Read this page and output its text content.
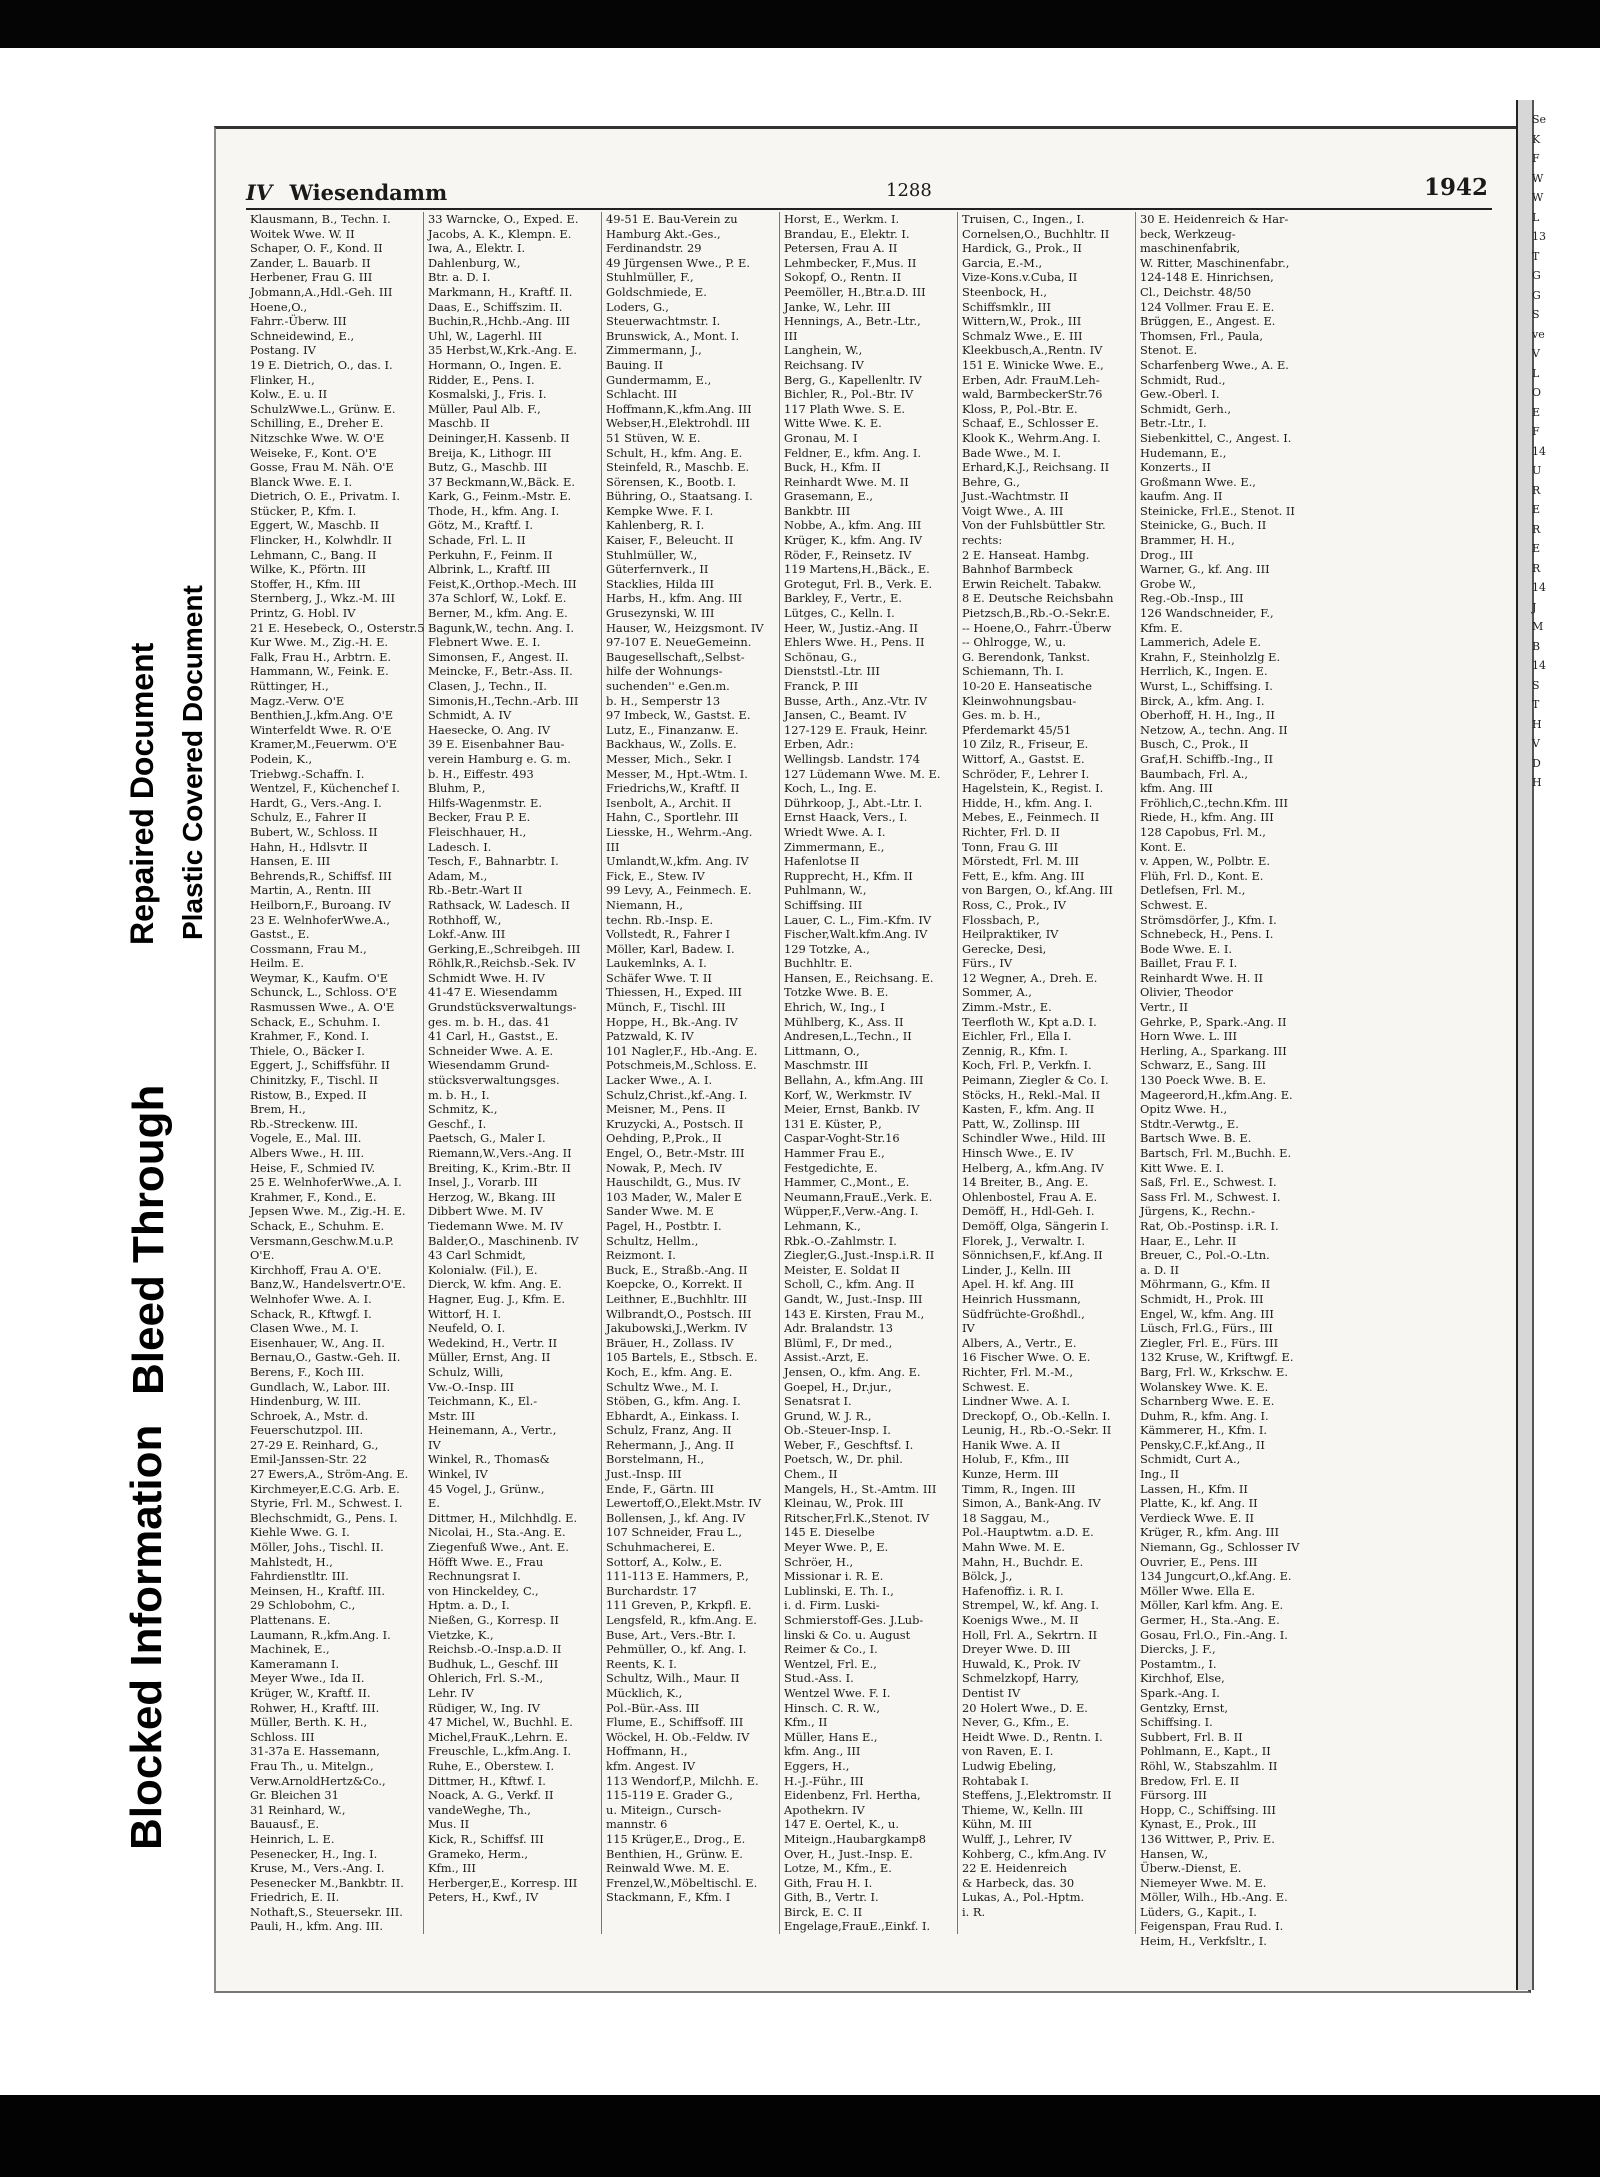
Blocked Information
Bleed Through
Repaired Document Plastic Covered Document
IV Wiesendamm	1288	1942
Klausmann, B., Techn. I.
Woitek Wwe. W. II
Schaper, O. F., Kond. II
Zander, L. Bauarb. II
Herbener, Frau G. III
Jobmann,A.,Hdl.-Geh. III
Hoene,O.,
Fahrr.-Überw. III
Schneidewind, E.,
Postang. IV
19 E. Dietrich, O., das. I.
Flinker, H.,
Kolw., E. u. II
SchulzWwe.L., Grünw. E.
Schilling, E., Dreher E.
Nitzschke Wwe. W. O'E
Weiseke, F., Kont. O'E
Gosse, Frau M. Näh. O'E
Blanck Wwe. E. I.
Dietrich, O. E., Privatm. I.
Stücker, P., Kfm. I.
Eggert, W., Maschb. II
Flincker, H., Kolwhdlr. II
Lehmann, C., Bang. II
Wilke, K., Pförtn. III
Stoffer, H., Kfm. III
Sternberg, J., Wkz.-M. III
Printz, G. Hobl. IV
21 E. Hesebeck, O., Osterstr.5
Kur Wwe. M., Zig.-H. E.
Falk, Frau H., Arbtrn. E.
Hammann, W., Feink. E.
Rüttinger, H.,
Magz.-Verw. O'E
Benthien,J.,kfm.Ang. O'E
Winterfeldt Wwe. R. O'E
Kramer,M.,Feuerwm. O'E
Podein, K.,
Triebwg.-Schaffn. I.
Wentzel, F., Küchenchef I.
Hardt, G., Vers.-Ang. I.
Schulz, E., Fahrer II
Bubert, W., Schloss. II
Hahn, H., Hdlsvtr. II
Hansen, E. III
Behrends,R., Schiffsf. III
Martin, A., Rentn. III
Heilborn,F., Buroang. IV
23 E. WelnhoferWwe.A.,
Gastst., E.
Cossmann, Frau M.,
Heilm. E.
Weymar, K., Kaufm. O'E
Schunck, L., Schloss. O'E
Rasmussen Wwe., A. O'E
Schack, E., Schuhm. I.
Krahmer, F., Kond. I.
Thiele, O., Bäcker I.
Eggert, J., Schiffsführ. II
Chinitzky, F., Tischl. II
Ristow, B., Exped. II
Brem, H.,
Rb.-Streckenw. III.
Vogele, E., Mal. III.
Albers Wwe., H. III.
Heise, F., Schmied IV.
25 E. WelnhoferWwe.,A. I.
Krahmer, F., Kond., E.
Jepsen Wwe. M., Zig.-H. E.
Schack, E., Schuhm. E.
Versmann,Geschw.M.u.P.
O'E.
Kirchhoff, Frau A. O'E.
Banz,W., Handelsvertr.O'E.
Welnhofer Wwe. A. I.
Schack, R., Kftwgf. I.
Clasen Wwe., M. I.
Eisenhauer, W., Ang. II.
Bernau,O., Gastw.-Geh. II.
Berens, F., Koch III.
Gundlach, W., Labor. III.
Hindenburg, W. III.
Schroek, A., Mstr. d.
Feuerschutzpol. III.
27-29 E. Reinhard, G.,
Emil-Janssen-Str. 22
27 Ewers,A., Ström-Ang. E.
Kirchmeyer,E.C.G. Arb. E.
Styrie, Frl. M., Schwest. I.
Blechschmidt, G., Pens. I.
Kiehle Wwe. G. I.
Möller, Johs., Tischl. II.
Mahlstedt, H.,
Fahrdienstltr. III.
Meinsen, H., Kraftf. III.
29 Schlobohm, C.,
Plattenans. E.
Laumann, R.,kfm.Ang. I.
Machinek, E.,
Kameramann I.
Meyer Wwe., Ida II.
Krüger, W., Kraftf. II.
Rohwer, H., Kraftf. III.
Müller, Berth. K. H.,
Schloss. III
31-37a E. Hassemann,
Frau Th., u. Mitelgn.,
Verw.ArnoldHertz&Co.,
Gr. Bleichen 31
31 Reinhard, W.,
Bauausf., E.
Heinrich, L. E.
Pesenecker, H., Ing. I.
Kruse, M., Vers.-Ang. I.
Pesenecker M.,Bankbtr. II.
Friedrich, E. II.
Nothaft,S., Steuersekr. III.
Pauli, H., kfm. Ang. III.
33 Warncke, O., Exped. E.
Jacobs, A. K., Klempn. E.
Iwa, A., Elektr. I.
Dahlenburg, W.,
Btr. a. D. I.
Markmann, H., Kraftf. II.
Daas, E., Schiffszim. II.
Buchin,R.,Hchb.-Ang. III
Uhl, W., Lagerhl. III
35 Herbst,W.,Krk.-Ang. E.
Hormann, O., Ingen. E.
Ridder, E., Pens. I.
Kosmalski, J., Fris. I.
Müller, Paul Alb. F.,
Maschb. II
Deininger,H. Kassenb. II
Breija, K., Lithogr. III
Butz, G., Maschb. III
37 Beckmann,W.,Bäck. E.
Kark, G., Feinm.-Mstr. E.
Thode, H., kfm. Ang. I.
Götz, M., Kraftf. I.
Schade, Frl. L. II
Perkuhn, F., Feinm. II
Albrink, L., Kraftf. III
Feist,K.,Orthop.-Mech. III
37a Schlorf, W., Lokf. E.
Berner, M., kfm. Ang. E.
Bagunk,W., techn. Ang. I.
Flebnert Wwe. E. I.
Simonsen, F., Angest. II.
Meincke, F., Betr.-Ass. II.
Clasen, J., Techn., II.
Simonis,H.,Techn.-Arb. III
Schmidt, A. IV
Haesecke, O. Ang. IV
39 E. Eisenbahner Bau-
verein Hamburg e. G. m.
b. H., Eiffestr. 493
Bluhm, P.,
Hilfs-Wagenmstr. E.
Becker, Frau P. E.
Fleischhauer, H.,
Ladesch. I.
Tesch, F., Bahnarbtr. I.
Adam, M.,
Rb.-Betr.-Wart II
Rathsack, W. Ladesch. II
Rothhoff, W.,
Lokf.-Anw. III
Gerking,E.,Schreibgeh. III
Röhlk,R.,Reichsb.-Sek. IV
Schmidt Wwe. H. IV
41-47 E. Wiesendamm
Grundstücksverwaltungs-
ges. m. b. H., das. 41
41 Carl, H., Gastst., E.
Schneider Wwe. A. E.
Wiesendamm Grund-
stücksverwaltungsges.
m. b. H., I.
Schmitz, K.,
Geschf., I.
Paetsch, G., Maler I.
Riemann,W.,Vers.-Ang. II
Breiting, K., Krim.-Btr. II
Insel, J., Vorarb. III
Herzog, W., Bkang. III
Dibbert Wwe. M. IV
Tiedemann Wwe. M. IV
Balder,O., Maschinenb. IV
43 Carl Schmidt,
Kolonialw. (Fil.), E.
Dierck, W. kfm. Ang. E.
Hagner, Eug. J., Kfm. E.
Wittorf, H. I.
Neufeld, O. I.
Wedekind, H., Vertr. II
Müller, Ernst, Ang. II
Schulz, Willi,
Vw.-O.-Insp. III
Teichmann, K., El.-
Mstr. III
Heinemann, A., Vertr.,
IV
Winkel, R., Thomas&
Winkel, IV
45 Vogel, J., Grünw.,
E.
Dittmer, H., Milchhdlg. E.
Nicolai, H., Sta.-Ang. E.
Ziegenfuß Wwe., Ant. E.
Höfft Wwe. E., Frau
Rechnungsrat I.
von Hinckeldey, C.,
Hptm. a. D., I.
Nießen, G., Korresp. II
Vietzke, K.,
Reichsb.-O.-Insp.a.D. II
Budhuk, L., Geschf. III
Ohlerich, Frl. S.-M.,
Lehr. IV
Rüdiger, W., Ing. IV
47 Michel, W., Buchhl. E.
Michel,FrauK.,Lehrn. E.
Freuschle, L.,kfm.Ang. I.
Ruhe, E., Oberstew. I.
Dittmer, H., Kftwf. I.
Noack, A. G., Verkf. II
vandeWeghe, Th.,
Mus. II
Kick, R., Schiffsf. III
Grameko, Herm.,
Kfm., III
Herberger,E., Korresp. III
Peters, H., Kwf., IV
49-51 E. Bau-Verein zu
Hamburg Akt.-Ges.,
Ferdinandstr. 29
49 Jürgensen Wwe., P. E.
Stuhlmüller, F.,
Goldschmiede, E.
Loders, G.,
Steuerwachtmstr. I.
Brunswick, A., Mont. I.
Zimmermann, J.,
Bauing. II
Gundermamm, E.,
Schlacht. III
Hoffmann,K.,kfm.Ang. III
Webser,H.,Elektrohdl. III
51 Stüven, W. E.
Schult, H., kfm. Ang. E.
Steinfeld, R., Maschb. E.
Sörensen, K., Bootb. I.
Bühring, O., Staatsang. I.
Kempke Wwe. F. I.
Kahlenberg, R. I.
Kaiser, F., Beleucht. II
Stuhlmüller, W.,
Güterfernverk., II
Stacklies, Hilda III
Harbs, H., kfm. Ang. III
Grusezynski, W. III
Hauser, W., Heizgsmont. IV
97-107 E. NeueGemeinn.
Baugesellschaft,,Selbst-
hilfe der Wohnungs-
suchenden'' e.Gen.m.
b. H., Semperstr 13
97 Imbeck, W., Gastst. E.
Lutz, E., Finanzanw. E.
Backhaus, W., Zolls. E.
Messer, Mich., Sekr. I
Messer, M., Hpt.-Wtm. I.
Friedrichs,W., Kraftf. II
Isenbolt, A., Archit. II
Hahn, C., Sportlehr. III
Liesske, H., Wehrm.-Ang.
III
Umlandt,W.,kfm. Ang. IV
Fick, E., Stew. IV
99 Levy, A., Feinmech. E.
Niemann, H.,
techn. Rb.-Insp. E.
Vollstedt, R., Fahrer I
Möller, Karl, Badew. I.
Laukemlnks, A. I.
Schäfer Wwe. T. II
Thiessen, H., Exped. III
Münch, F., Tischl. III
Hoppe, H., Bk.-Ang. IV
Patzwald, K. IV
101 Nagler,F., Hb.-Ang. E.
Potschmeis,M.,Schloss. E.
Lacker Wwe., A. I.
Schulz,Christ.,kf.-Ang. I.
Meisner, M., Pens. II
Kruzycki, A., Postsch. II
Oehding, P.,Prok., II
Engel, O., Betr.-Mstr. III
Nowak, P., Mech. IV
Hauschildt, G., Mus. IV
103 Mader, W., Maler E
Sander Wwe. M. E
Pagel, H., Postbtr. I.
Schultz, Hellm.,
Reizmont. I.
Buck, E., Straßb.-Ang. II
Koepcke, O., Korrekt. II
Leithner, E.,Buchhltr. III
Wilbrandt,O., Postsch. III
Jakubowski,J.,Werkm. IV
Bräuer, H., Zollass. IV
105 Bartels, E., Stbsch. E.
Koch, E., kfm. Ang. E.
Schultz Wwe., M. I.
Stöben, G., kfm. Ang. I.
Ebhardt, A., Einkass. I.
Schulz, Franz, Ang. II
Rehermann, J., Ang. II
Borstelmann, H.,
Just.-Insp. III
Ende, F., Gärtn. III
Lewertoff,O.,Elekt.Mstr. IV
Bollensen, J., kf. Ang. IV
107 Schneider, Frau L.,
Schuhmacherei, E.
Sottorf, A., Kolw., E.
111-113 E. Hammers, P.,
Burchardstr. 17
111 Greven, P., Krkpfl. E.
Lengsfeld, R., kfm.Ang. E.
Buse, Art., Vers.-Btr. I.
Pehmüller, O., kf. Ang. I.
Reents, K. I.
Schultz, Wilh., Maur. II
Mücklich, K.,
Pol.-Bür.-Ass. III
Flume, E., Schiffsoff. III
Wöckel, H. Ob.-Feldw. IV
Hoffmann, H.,
kfm. Angest. IV
113 Wendorf,P., Milchh. E.
115-119 E. Grader G.,
u. Miteign., Cursch-
mannstr. 6
115 Krüger,E., Drog., E.
Benthien, H., Grünw. E.
Reinwald Wwe. M. E.
Frenzel,W.,Möbeltischl. E.
Stackmann, F., Kfm. I
Horst, E., Werkm. I.
Brandau, E., Elektr. I.
Petersen, Frau A. II
Lehmbecker, F.,Mus. II
Sokopf, O., Rentn. II
Peemöller, H.,Btr.a.D. III
Janke, W., Lehr. III
Hennings, A., Betr.-Ltr.,
III
Langhein, W.,
Reichsang. IV
Berg, G., Kapellenltr. IV
Bichler, R., Pol.-Btr. IV
117 Plath Wwe. S. E.
Witte Wwe. K. E.
Gronau, M. I
Feldner, E., kfm. Ang. I.
Buck, H., Kfm. II
Reinhardt Wwe. M. II
Grasemann, E.,
Bankbtr. III
Nobbe, A., kfm. Ang. III
Krüger, K., kfm. Ang. IV
Röder, F., Reinsetz. IV
119 Martens,H.,Bäck., E.
Grotegut, Frl. B., Verk. E.
Barkley, F., Vertr., E.
Lütges, C., Kelln. I.
Heer, W., Justiz.-Ang. II
Ehlers Wwe. H., Pens. II
Schönau, G.,
Dienststl.-Ltr. III
Franck, P. III
Busse, Arth., Anz.-Vtr. IV
Jansen, C., Beamt. IV
127-129 E. Frauk, Heinr.
Erben, Adr.:
Wellingsb. Landstr. 174
127 Lüdemann Wwe. M. E.
Koch, L., Ing. E.
Dührkoop, J., Abt.-Ltr. I.
Ernst Haack, Vers., I.
Wriedt Wwe. A. I.
Zimmermann, E.,
Hafenlotse II
Rupprecht, H., Kfm. II
Puhlmann, W.,
Schiffsing. III
Lauer, C. L., Fim.-Kfm. IV
Fischer,Walt.kfm.Ang. IV
129 Totzke, A.,
Buchhltr. E.
Hansen, E., Reichsang. E.
Totzke Wwe. B. E.
Ehrich, W., Ing., I
Mühlberg, K., Ass. II
Andresen,L.,Techn., II
Littmann, O.,
Maschmstr. III
Bellahn, A., kfm.Ang. III
Korf, W., Werkmstr. IV
Meier, Ernst, Bankb. IV
131 E. Küster, P.,
Caspar-Voght-Str.16
Hammer Frau E.,
Festgedichte, E.
Hammer, C.,Mont., E.
Neumann,FrauE.,Verk. E.
Wüpper,F.,Verw.-Ang. I.
Lehmann, K.,
Rbk.-O.-Zahlmstr. I.
Ziegler,G.,Just.-Insp.i.R. II
Meister, E. Soldat II
Scholl, C., kfm. Ang. II
Gandt, W., Just.-Insp. III
143 E. Kirsten, Frau M.,
Adr. Bralandstr. 13
Blüml, F., Dr med.,
Assist.-Arzt, E.
Jensen, O., kfm. Ang. E.
Goepel, H., Dr.jur.,
Senatsrat I.
Grund, W. J. R.,
Ob.-Steuer-Insp. I.
Weber, F., Geschftsf. I.
Poetsch, W., Dr. phil.
Chem., II
Mangels, H., St.-Amtm. III
Kleinau, W., Prok. III
Ritscher,Frl.K.,Stenot. IV
145 E. Dieselbe
Meyer Wwe. P., E.
Schröer, H.,
Missionar i. R. E.
Lublinski, E. Th. I.,
i. d. Firm. Luski-
Schmierstoff-Ges. J.Lub-
linski & Co. u. August
Reimer & Co., I.
Wentzel, Frl. E.,
Stud.-Ass. I.
Wentzel Wwe. F. I.
Hinsch. C. R. W.,
Kfm., II
Müller, Hans E.,
kfm. Ang., III
Eggers, H.,
H.-J.-Führ., III
Eidenbenz, Frl. Hertha,
Apothekrn. IV
147 E. Oertel, K., u.
Miteign.,Haubargkamp8
Over, H., Just.-Insp. E.
Lotze, M., Kfm., E.
Gith, Frau H. I.
Gith, B., Vertr. I.
Birck, E. C. II
Engelage,FrauE.,Einkf. I.
Truisen, C., Ingen., I.
Cornelsen,O., Buchhltr. II
Hardick, G., Prok., II
Garcia, E.-M.,
Vize-Kons.v.Cuba, II
Steenbock, H.,
Schiffsmklr., III
Wittern,W., Prok., III
Schmalz Wwe., E. III
Kleekbusch,A.,Rentn. IV
151 E. Winicke Wwe. E.,
Erben, Adr. FrauM.Leh-
wald, BarmbeckerStr.76
Kloss, P., Pol.-Btr. E.
Schaaf, E., Schlosser E.
Klook K., Wehrm.Ang. I.
Bade Wwe., M. I.
Erhard,K.J., Reichsang. II
Behre, G.,
Just.-Wachtmstr. II
Voigt Wwe., A. III
Von der Fuhlsbüttler Str.
rechts:
2 E. Hanseat. Hambg.
Bahnhof Barmbeck
Erwin Reichelt. Tabakw.
8 E. Deutsche Reichsbahn
Pietzsch,B.,Rb.-O.-Sekr.E.
-- Hoene,O., Fahrr.-Überw
-- Ohlrogge, W., u.
G. Berendonk, Tankst.
Schiemann, Th. I.
10-20 E. Hanseatische
Kleinwohnungsbau-
Ges. m. b. H.,
Pferdemarkt 45/51
10 Zilz, R., Friseur, E.
Wittorf, A., Gastst. E.
Schröder, F., Lehrer I.
Hagelstein, K., Regist. I.
Hidde, H., kfm. Ang. I.
Mebes, E., Feinmech. II
Richter, Frl. D. II
Tonn, Frau G. III
Mörstedt, Frl. M. III
Fett, E., kfm. Ang. III
von Bargen, O., kf.Ang. III
Ross, C., Prok., IV
Flossbach, P.,
Heilpraktiker, IV
Gerecke, Desi,
Fürs., IV
12 Wegner, A., Dreh. E.
Sommer, A.,
Zimm.-Mstr., E.
Teerfloth W., Kpt a.D. I.
Eichler, Frl., Ella I.
Zennig, R., Kfm. I.
Koch, Frl. P., Verkfn. I.
Peimann, Ziegler & Co. I.
Stöcks, H., Rekl.-Mal. II
Kasten, F., kfm. Ang. II
Patt, W., Zollinsp. III
Schindler Wwe., Hild. III
Hinsch Wwe., E. IV
Helberg, A., kfm.Ang. IV
14 Breiter, B., Ang. E.
Ohlenbostel, Frau A. E.
Demöff, H., Hdl-Geh. I.
Demöff, Olga, Sängerin I.
Florek, J., Verwaltr. I.
Sönnichsen,F., kf.Ang. II
Linder, J., Kelln. III
Apel. H. kf. Ang. III
Heinrich Hussmann,
Südfrüchte-Großhdl.,
IV
Albers, A., Vertr., E.
16 Fischer Wwe. O. E.
Richter, Frl. M.-M.,
Schwest. E.
Lindner Wwe. A. I.
Dreckopf, O., Ob.-Kelln. I.
Leunig, H., Rb.-O.-Sekr. II
Hanik Wwe. A. II
Holub, F., Kfm., III
Kunze, Herm. III
Timm, R., Ingen. III
Simon, A., Bank-Ang. IV
18 Saggau, M.,
Pol.-Hauptwtm. a.D. E.
Mahn Wwe. M. E.
Mahn, H., Buchdr. E.
Bölck, J.,
Hafenoffiz. i. R. I.
Strempel, W., kf. Ang. I.
Koenigs Wwe., M. II
Holl, Frl. A., Sekrtrn. II
Dreyer Wwe. D. III
Huwald, K., Prok. IV
Schmelzkopf, Harry,
Dentist IV
20 Holert Wwe., D. E.
Never, G., Kfm., E.
Heidt Wwe. D., Rentn. I.
von Raven, E. I.
Ludwig Ebeling,
Rohtabak I.
Steffens, J.,Elektromstr. II
Thieme, W., Kelln. III
Kühn, M. III
Wulff, J., Lehrer, IV
Kohberg, C., kfm.Ang. IV
22 E. Heidenreich
& Harbeck, das. 30
Lukas, A., Pol.-Hptm.
i. R.
30 E. Heidenreich & Har-
beck, Werkzeug-
maschinenfabrik,
W. Ritter, Maschinenfabr.,
124-148 E. Hinrichsen,
Cl., Deichstr. 48/50
124 Vollmer. Frau E. E.
Brüggen, E., Angest. E.
Thomsen, Frl., Paula,
Stenot. E.
Scharfenberg Wwe., A. E.
Schmidt, Rud.,
Gew.-Oberl. I.
Schmidt, Gerh.,
Betr.-Ltr., I.
Siebenkittel, C., Angest. I.
Hudemann, E.,
Konzerts., II
Großmann Wwe. E.,
kaufm. Ang. II
Steinicke, Frl.E., Stenot. II
Steinicke, G., Buch. II
Brammer, H. H.,
Drog., III
Warner, G., kf. Ang. III
Grobe W.,
Reg.-Ob.-Insp., III
126 Wandschneider, F.,
Kfm. E.
Lammerich, Adele E.
Krahn, F., Steinholzlg E.
Herrlich, K., Ingen. E.
Wurst, L., Schiffsing. I.
Birck, A., kfm. Ang. I.
Oberhoff, H. H., Ing., II
Netzow, A., techn. Ang. II
Busch, C., Prok., II
Graf,H. Schiffb.-Ing., II
Baumbach, Frl. A.,
kfm. Ang. III
Fröhlich,C.,techn.Kfm. III
Riede, H., kfm. Ang. III
128 Capobus, Frl. M.,
Kont. E.
v. Appen, W., Polbtr. E.
Flüh, Frl. D., Kont. E.
Detlefsen, Frl. M.,
Schwest. E.
Strömsdörfer, J., Kfm. I.
Schnebeck, H., Pens. I.
Bode Wwe. E. I.
Baillet, Frau F. I.
Reinhardt Wwe. H. II
Olivier, Theodor
Vertr., II
Gehrke, P., Spark.-Ang. II
Horn Wwe. L. III
Herling, A., Sparkang. III
Schwarz, E., Sang. III
130 Poeck Wwe. B. E.
Mageerord,H.,kfm.Ang. E.
Opitz Wwe. H.,
Stdtr.-Verwtg., E.
Bartsch Wwe. B. E.
Bartsch, Frl. M.,Buchh. E.
Kitt Wwe. E. I.
Saß, Frl. E., Schwest. I.
Sass Frl. M., Schwest. I.
Jürgens, K., Rechn.-
Rat, Ob.-Postinsp. i.R. I.
Haar, E., Lehr. II
Breuer, C., Pol.-O.-Ltn.
a. D. II
Möhrmann, G., Kfm. II
Schmidt, H., Prok. III
Engel, W., kfm. Ang. III
Lüsch, Frl.G., Fürs., III
Ziegler, Frl. E., Fürs. III
132 Kruse, W., Kriftwgf. E.
Barg, Frl. W., Krkschw. E.
Wolanskey Wwe. K. E.
Scharnberg Wwe. E. E.
Duhm, R., kfm. Ang. I.
Kämmerer, H., Kfm. I.
Pensky,C.F.,kf.Ang., II
Schmidt, Curt A.,
Ing., II
Lassen, H., Kfm. II
Platte, K., kf. Ang. II
Verdieck Wwe. E. II
Krüger, R., kfm. Ang. III
Niemann, Gg., Schlosser IV
Ouvrier, E., Pens. III
134 Jungcurt,O.,kf.Ang. E.
Möller Wwe. Ella E.
Möller, Karl kfm. Ang. E.
Germer, H., Sta.-Ang. E.
Gosau, Frl.O., Fin.-Ang. I.
Diercks, J. F.,
Postamtm., I.
Kirchhof, Else,
Spark.-Ang. I.
Gentzky, Ernst,
Schiffsing. I.
Subbert, Frl. B. II
Pohlmann, E., Kapt., II
Röhl, W., Stabszahlm. II
Bredow, Frl. E. II
Fürsorg. III
Hopp, C., Schiffsing. III
Kynast, E., Prok., III
136 Wittwer, P., Priv. E.
Hansen, W.,
Überw.-Dienst, E.
Niemeyer Wwe. M. E.
Möller, Wilh., Hb.-Ang. E.
Lüders, G., Kapit., I.
Feigenspan, Frau Rud. I.
Heim, H., Verkfsltr., I.
Se
K
F
W
W
L
13
T
G
G
S
ve
V
L
O
E
F
14
U
R
E
R
E
R
14
J
M
B
14
S
T
H
V
D
H
